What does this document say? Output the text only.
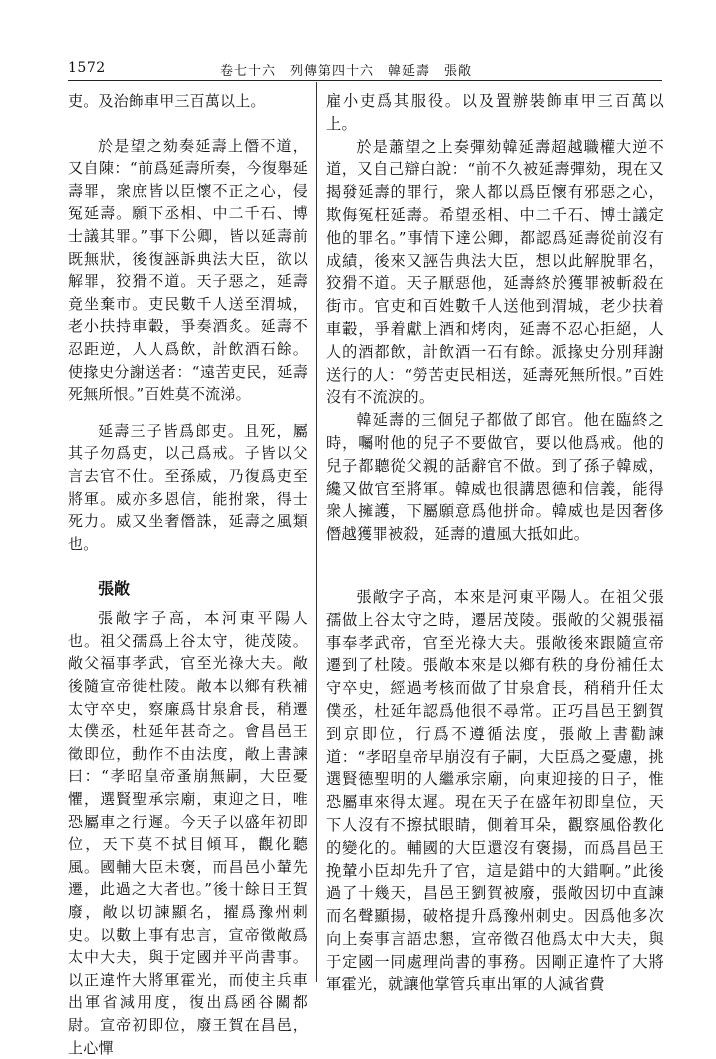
1572	卷七十六　列傳第四十六　韓延壽　張敞

吏。及治飾車甲三百萬以上。

於是望之劾奏延壽上僭不道，又自陳：“前爲延壽所奏，今復舉延壽罪，衆庶皆以臣懷不正之心，侵冤延壽。願下丞相、中二千石、博士議其罪。”事下公卿，皆以延壽前既無狀，後復誣訴典法大臣，欲以解罪，狡猾不道。天子惡之，延壽竟坐棄市。吏民數千人送至渭城，老小扶持車轂，爭奏酒炙。延壽不忍距逆，人人爲飲，計飲酒石餘。使掾史分謝送者：“遠苦吏民，延壽死無所恨。”百姓莫不流涕。

延壽三子皆爲郎吏。且死，屬其子勿爲吏，以己爲戒。子皆以父言去官不仕。至孫威，乃復爲吏至將軍。威亦多恩信，能拊衆，得士死力。威又坐奢僭誅，延壽之風類也。

張敞

張敞字子高，本河東平陽人也。祖父孺爲上谷太守，徙茂陵。敞父福事孝武，官至光祿大夫。敞後隨宣帝徙杜陵。敞本以鄉有秩補太守卒史，察廉爲甘泉倉長，稍遷太僕丞，杜延年甚奇之。會昌邑王徵即位，動作不由法度，敞上書諫曰：“孝昭皇帝蚤崩無嗣，大臣憂懼，選賢聖承宗廟，東迎之日，唯恐屬車之行遲。今天子以盛年初即位，天下莫不拭目傾耳，觀化聽風。國輔大臣未褒，而昌邑小輦先遷，此過之大者也。”後十餘日王賀廢，敞以切諫顯名，擢爲豫州刺史。以數上事有忠言，宣帝徵敞爲太中大夫，與于定國并平尚書事。以正違忤大將軍霍光，而使主兵車出軍省減用度，復出爲函谷關都尉。宣帝初即位，廢王賀在昌邑，上心憚

雇小吏爲其服役。以及置辦裝飾車甲三百萬以上。

於是蕭望之上奏彈劾韓延壽超越職權大逆不道，又自己辯白說：“前不久被延壽彈劾，現在又揭發延壽的罪行，衆人都以爲臣懷有邪惡之心，欺侮冤枉延壽。希望丞相、中二千石、博士議定他的罪名。”事情下達公卿，都認爲延壽從前沒有成績，後來又誣告典法大臣，想以此解脫罪名，狡猾不道。天子厭惡他，延壽終於獲罪被斬殺在街市。官吏和百姓數千人送他到渭城，老少扶着車轂，爭着獻上酒和烤肉，延壽不忍心拒絕，人人的酒都飲，計飲酒一石有餘。派掾史分別拜謝送行的人：“勞苦吏民相送，延壽死無所恨。”百姓沒有不流淚的。

韓延壽的三個兒子都做了郎官。他在臨終之時，囑咐他的兒子不要做官，要以他爲戒。他的兒子都聽從父親的話辭官不做。到了孫子韓威，纔又做官至將軍。韓威也很講恩德和信義，能得衆人擁護，下屬願意爲他拼命。韓威也是因奢侈僭越獲罪被殺，延壽的遺風大抵如此。

張敞字子高，本來是河東平陽人。在祖父張孺做上谷太守之時，遷居茂陵。張敞的父親張福事奉孝武帝，官至光祿大夫。張敞後來跟隨宣帝遷到了杜陵。張敞本來是以鄉有秩的身份補任太守卒史，經過考核而做了甘泉倉長，稍稍升任太僕丞，杜延年認爲他很不尋常。正巧昌邑王劉賀到京即位，行爲不遵循法度，張敞上書勸諫道：“孝昭皇帝早崩沒有子嗣，大臣爲之憂慮，挑選賢德聖明的人繼承宗廟，向東迎接的日子，惟恐屬車來得太遲。現在天子在盛年初即皇位，天下人沒有不擦拭眼睛，側着耳朵，觀察風俗教化的變化的。輔國的大臣還沒有褒揚，而爲昌邑王挽輦小臣却先升了官，這是錯中的大錯啊。”此後過了十幾天，昌邑王劉賀被廢，張敞因切中直諫而名聲顯揚，破格提升爲豫州刺史。因爲他多次向上奏事言語忠懇，宣帝徵召他爲太中大夫，與于定國一同處理尚書的事務。因剛正違忤了大將軍霍光，就讓他掌管兵車出軍的人減省費
